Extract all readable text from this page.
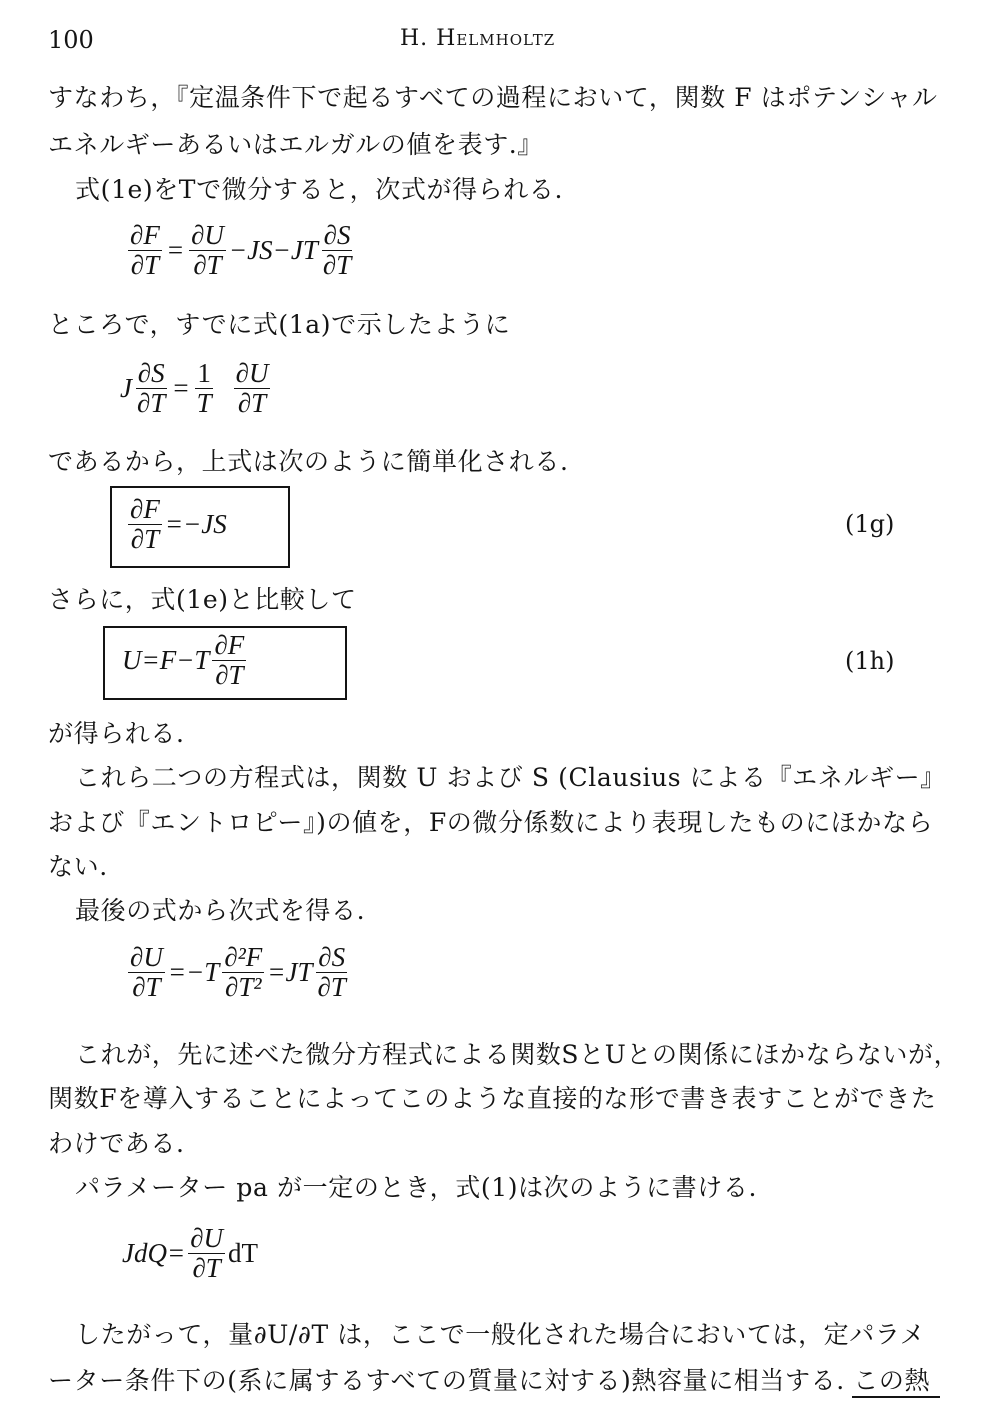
100	H. Helmholtz
すなわち，『定温条件下で起るすべての過程において，関数 F はポテンシャル
エネルギーあるいはエルガルの値を表す.』
式(1e)をTで微分すると，次式が得られる.
$\frac{\partial F}{\partial T} = \frac{\partial U}{\partial T} -JS-JT \frac{\partial S}{\partial T}$
ところで，すでに式(1a)で示したように
J $\frac{\partial S}{\partial T} = \frac{1}{T} \frac{\partial U}{\partial T}$
であるから，上式は次のように簡単化される.
$\frac{\partial F}{\partial T} =-JS$	(1g)
さらに，式(1e)と比較して
$U=F-T \frac{\partial F}{\partial T}$	(1h)
が得られる.
これら二つの方程式は，関数 U および S (Clausius による『エネルギー』
および『エントロピー』)の値を，Fの微分係数により表現したものにほかなら
ない.
最後の式から次式を得る.
$\frac{\partial U}{\partial T} =-T \frac{\text{∂²F}}{\text{∂T²}} =JT \frac{\partial S}{\partial T}$
これが，先に述べた微分方程式による関数SとUとの関係にほかならないが，
関数Fを導入することによってこのような直接的な形で書き表すことができた
わけである.
パラメーター pa が一定のとき，式(1)は次のように書ける.
$JdQ= \frac{\partial U}{\partial T}$ dT
したがって，量∂U/∂T は，ここで一般化された場合においては，定パラメ
ーター条件下の(系に属するすべての質量に対する)熱容量に相当する. この熱
